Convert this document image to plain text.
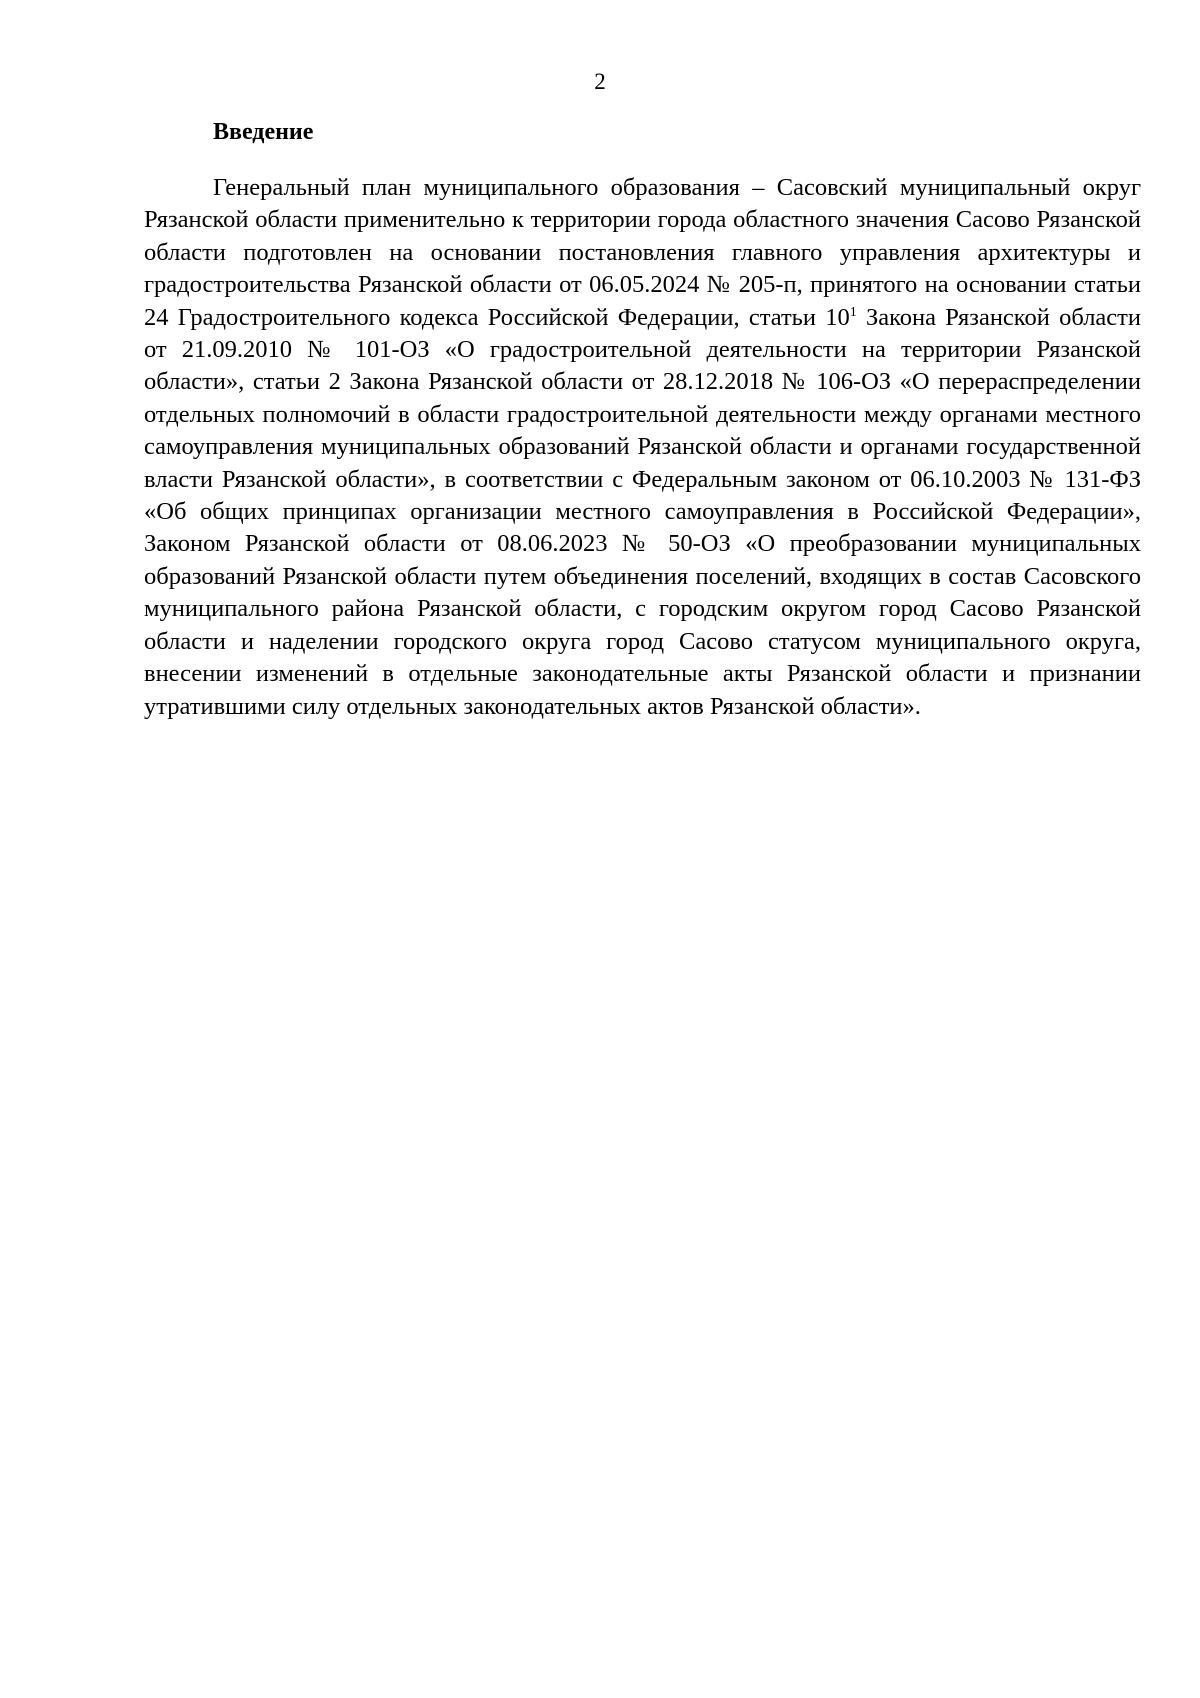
2
Введение

Генеральный план муниципального образования – Сасовский муниципальный округ Рязанской области применительно к территории города областного значения Сасово Рязанской области подготовлен на основании постановления главного управления архитектуры и градостроительства Рязанской области от 06.05.2024 № 205-п, принятого на основании статьи 24 Градостроительного кодекса Российской Федерации, статьи $10^1$ Закона Рязанской области от 21.09.2010 № 101-ОЗ «О градостроительной деятельности на территории Рязанской области», статьи 2 Закона Рязанской области от 28.12.2018 № 106-ОЗ «О перераспределении отдельных полномочий в области градостроительной деятельности между органами местного самоуправления муниципальных образований Рязанской области и органами государственной власти Рязанской области», в соответствии с Федеральным законом от 06.10.2003 № 131-ФЗ «Об общих принципах организации местного самоуправления в Российской Федерации», Законом Рязанской области от 08.06.2023 № 50-ОЗ «О преобразовании муниципальных образований Рязанской области путем объединения поселений, входящих в состав Сасовского муниципального района Рязанской области, с городским округом город Сасово Рязанской области и наделении городского округа город Сасово статусом муниципального округа, внесении изменений в отдельные законодательные акты Рязанской области и признании утратившими силу отдельных законодательных актов Рязанской области».
